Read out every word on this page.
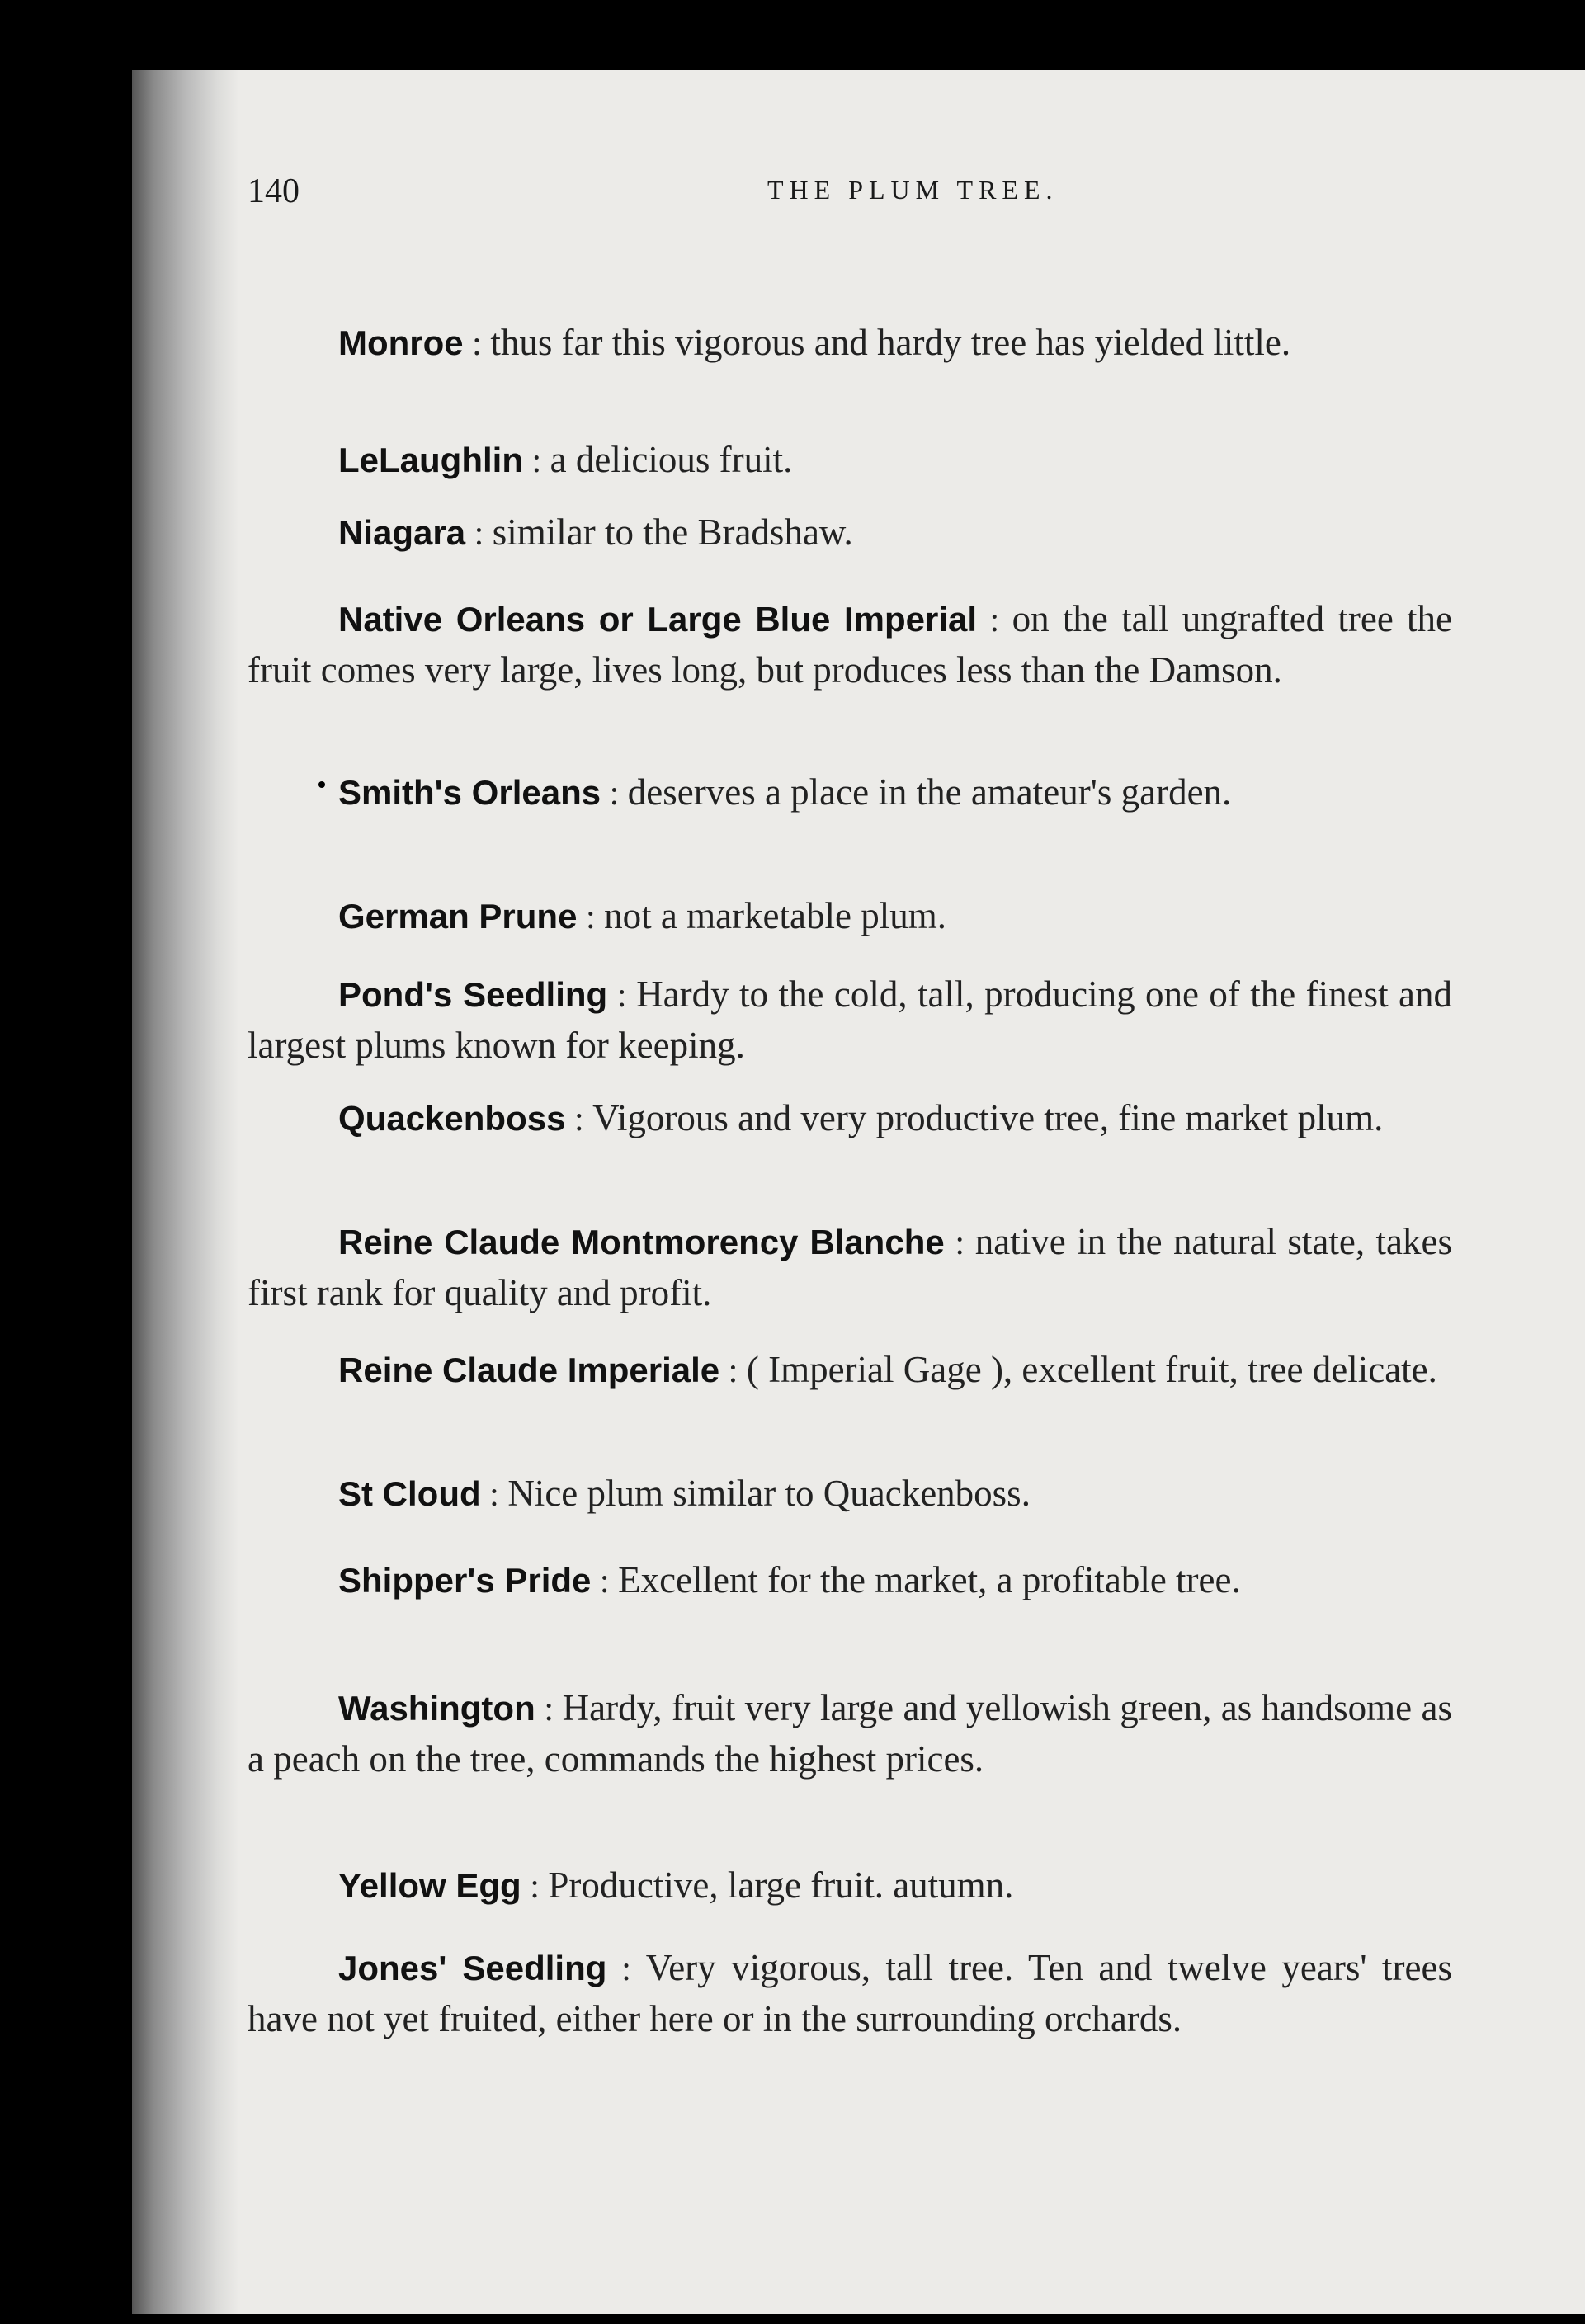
140	THE PLUM TREE.

Monroe : thus far this vigorous and hardy tree has yielded little.

LeLaughlin : a delicious fruit.

Niagara : similar to the Bradshaw.

Native Orleans or Large Blue Imperial : on the tall ungrafted tree the fruit comes very large, lives long, but produces less than the Damson.

Smith's Orleans : deserves a place in the amateur's garden.

German Prune : not a marketable plum.

Pond's Seedling : Hardy to the cold, tall, producing one of the finest and largest plums known for keeping.

Quackenboss : Vigorous and very productive tree, fine market plum.

Reine Claude Montmorency Blanche : native in the natural state, takes first rank for quality and profit.

Reine Claude Imperiale : ( Imperial Gage ), excellent fruit, tree delicate.

St Cloud : Nice plum similar to Quackenboss.

Shipper's Pride : Excellent for the market, a profitable tree.

Washington : Hardy, fruit very large and yellowish green, as handsome as a peach on the tree, commands the highest prices.

Yellow Egg : Productive, large fruit. autumn.

Jones' Seedling : Very vigorous, tall tree. Ten and twelve years' trees have not yet fruited, either here or in the surrounding orchards.
